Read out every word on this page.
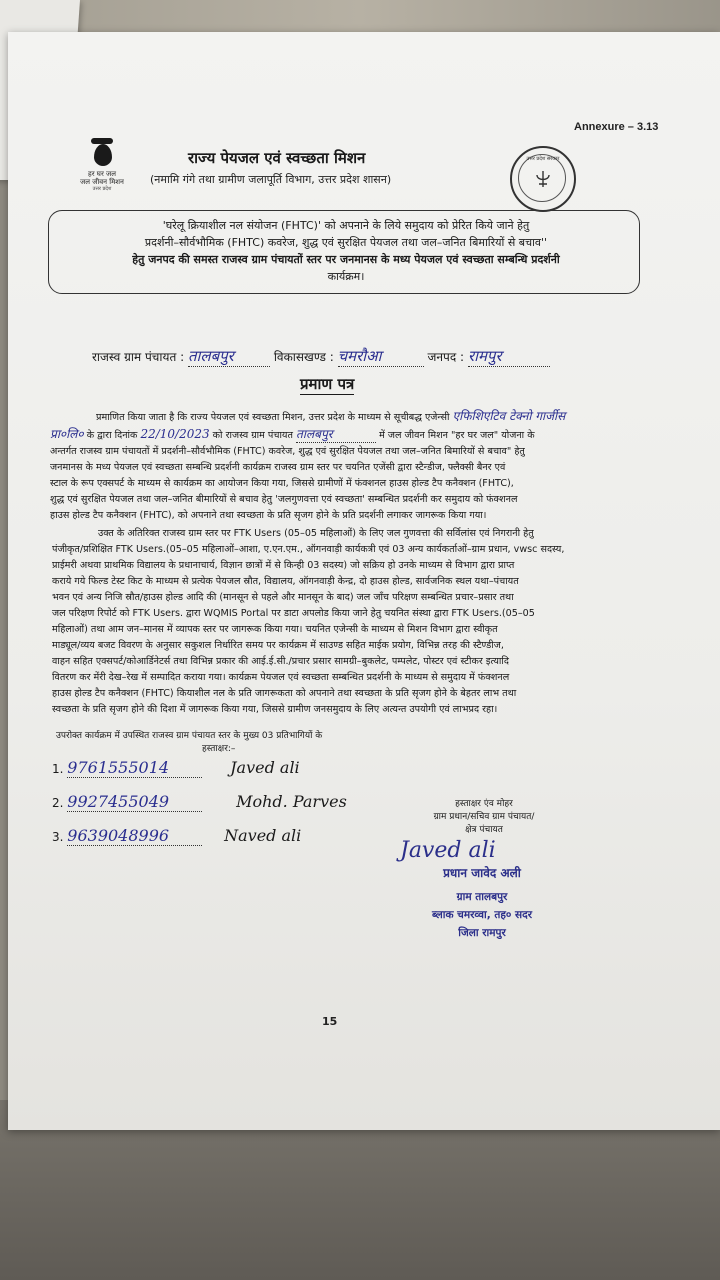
Annexure – 3.13
हर घर जल
जल जीवन मिशन
उत्तर प्रदेश
उत्तर प्रदेश सरकार
राज्य पेयजल एवं स्वच्छता मिशन
(नमामि गंगे तथा ग्रामीण जलापूर्ति विभाग, उत्तर प्रदेश शासन)
'घरेलू क्रियाशील नल संयोजन (FHTC)' को अपनाने के लिये समुदाय को प्रेरित किये जाने हेतु
प्रदर्शनी–सौर्वभौमिक (FHTC) कवरेज, शुद्ध एवं सुरक्षित पेयजल तथा जल–जनित बिमारियों से बचाव''
हेतु जनपद की समस्त राजस्व ग्राम पंचायतों स्तर पर जनमानस के मध्य पेयजल एवं स्वच्छता सम्बन्धि प्रदर्शनी
कार्यक्रम।
राजस्व ग्राम पंचायत : तालबपुर	विकासखण्ड : चमरौआ	जनपद : रामपुर
प्रमाण पत्र
प्रमाणित किया जाता है कि राज्य पेयजल एवं स्वच्छता मिशन, उत्तर प्रदेश के माध्यम से सूचीबद्ध एजेन्सी एफिशिएटिव टेक्नो गार्जीस
प्रा०लि० के द्वारा दिनांक 22/10/2023 को राजस्व ग्राम पंचायत तालबपुर	में जल जीवन मिशन "हर घर जल" योजना के
अन्तर्गत राजस्व ग्राम पंचायतों में प्रदर्शनी–सौर्वभौमिक (FHTC) कवरेज, शुद्ध एवं सुरक्षित पेयजल तथा जल–जनित बिमारियों से बचाव" हेतु
जनमानस के मध्य पेयजल एवं स्वच्छता सम्बन्धि प्रदर्शनी कार्यक्रम राजस्व ग्राम स्तर पर चयनित एजेंसी द्वारा स्टैन्डीज, फ्लैक्सी बैनर एवं
स्टाल के रूप एक्सपर्ट के माध्यम से कार्यक्रम का आयोजन किया गया, जिससे ग्रामीणों में फंक्शनल हाउस होल्ड टैप कनैक्शन (FHTC),
शुद्ध एवं सुरक्षित पेयजल तथा जल–जनित बीमारियों से बचाव हेतु 'जलगुणवत्ता एवं स्वच्छता' सम्बन्धित प्रदर्शनी कर समुदाय को फंक्शनल
हाउस होल्ड टैप कनैक्शन (FHTC), को अपनाने तथा स्वच्छता के प्रति सृजग होने के प्रति प्रदर्शनी लगाकर जागरूक किया गया।
उक्त के अतिरिक्त राजस्व ग्राम स्तर पर FTK Users (05–05 महिलाओं) के लिए जल गुणवत्ता की सर्विलांस एवं निगरानी हेतु
पंजीकृत/प्रशिक्षित FTK Users.(05–05 महिलाओं–आशा, ए.एन.एम., ऑगनवाड़ी कार्यकत्री एवं 03 अन्य कार्यकर्ताओं–ग्राम प्रधान, vwsc सदस्य,
प्राईमरी अथवा प्राथमिक विद्यालय के प्रधानाचार्य, विज्ञान छात्रों में से किन्ही 03 सदस्य) जो सक्रिय हो उनके माध्यम से विभाग द्वारा प्राप्त
कराये गये फिल्ड टेस्ट किट के माध्यम से प्रत्येक पेयजल स्रौत, विद्यालय, ऑगनवाड़ी केन्द्र, दो हाउस होल्ड, सार्वजनिक स्थल यथा–पंचायत
भवन एवं अन्य निजि स्रौत/हाउस होल्ड आदि की (मानसून से पहले और मानसून के बाद) जल जाँच परिक्षण सम्बन्धित प्रचार–प्रसार तथा
जल परिक्षण रिपोर्ट को FTK Users. द्वारा WQMIS Portal पर डाटा अपलोड किया जाने हेतु चयनित संस्था द्वारा FTK Users.(05–05
महिलाओं) तथा आम जन–मानस में व्यापक स्तर पर जागरूक किया गया। चयनित एजेन्सी के माध्यम से मिशन विभाग द्वारा स्वीकृत
माड्यूल/व्यय बजट विवरण के अनुसार सकुशल निर्धारित समय पर कार्यक्रम में साउण्ड सहित माईक प्रयोग, विभिन्न तरह की स्टैण्डीज,
वाहन सहित एक्सपर्ट/कोआर्डिनेटर्स तथा विभिन्न प्रकार की आई.ई.सी./प्रचार प्रसार सामग्री–बुकलेट, पम्पलेट, पोस्टर एवं स्टीकर इत्यादि
वितरण कर मेंरी देख–रेख में सम्पादित कराया गया। कार्यक्रम पेयजल एवं स्वच्छता सम्बन्धित प्रदर्शनी के माध्यम से समुदाय में फंक्शनल
हाउस होल्ड टैप कनैक्शन (FHTC) कियाशील नल के प्रति जागरूकता को अपनाने तथा स्वच्छता के प्रति सृजग होने के बेहतर लाभ तथा
स्वच्छता के प्रति सृजग होने की दिशा में जागरूक किया गया, जिससे ग्रामीण जनसमुदाय के लिए अत्यन्त उपयोगी एवं लाभप्रद रहा।
उपरोक्त कार्यक्रम में उपस्थित राजस्व ग्राम पंचायत स्तर के मुख्य 03 प्रतिभागियों के
हस्ताक्षर:–
1. 9761555014	Javed ali
2. 9927455049	Mohd. Parves
3. 9639048996	Naved ali
हस्ताक्षर एंव मोहर
ग्राम प्रधान/सचिव ग्राम पंचायत/
क्षेत्र पंचायत
Javed ali
प्रधान जावेद अली
ग्राम तालबपुर
ब्लाक चमरव्वा, तह० सदर
जिला रामपुर
15
